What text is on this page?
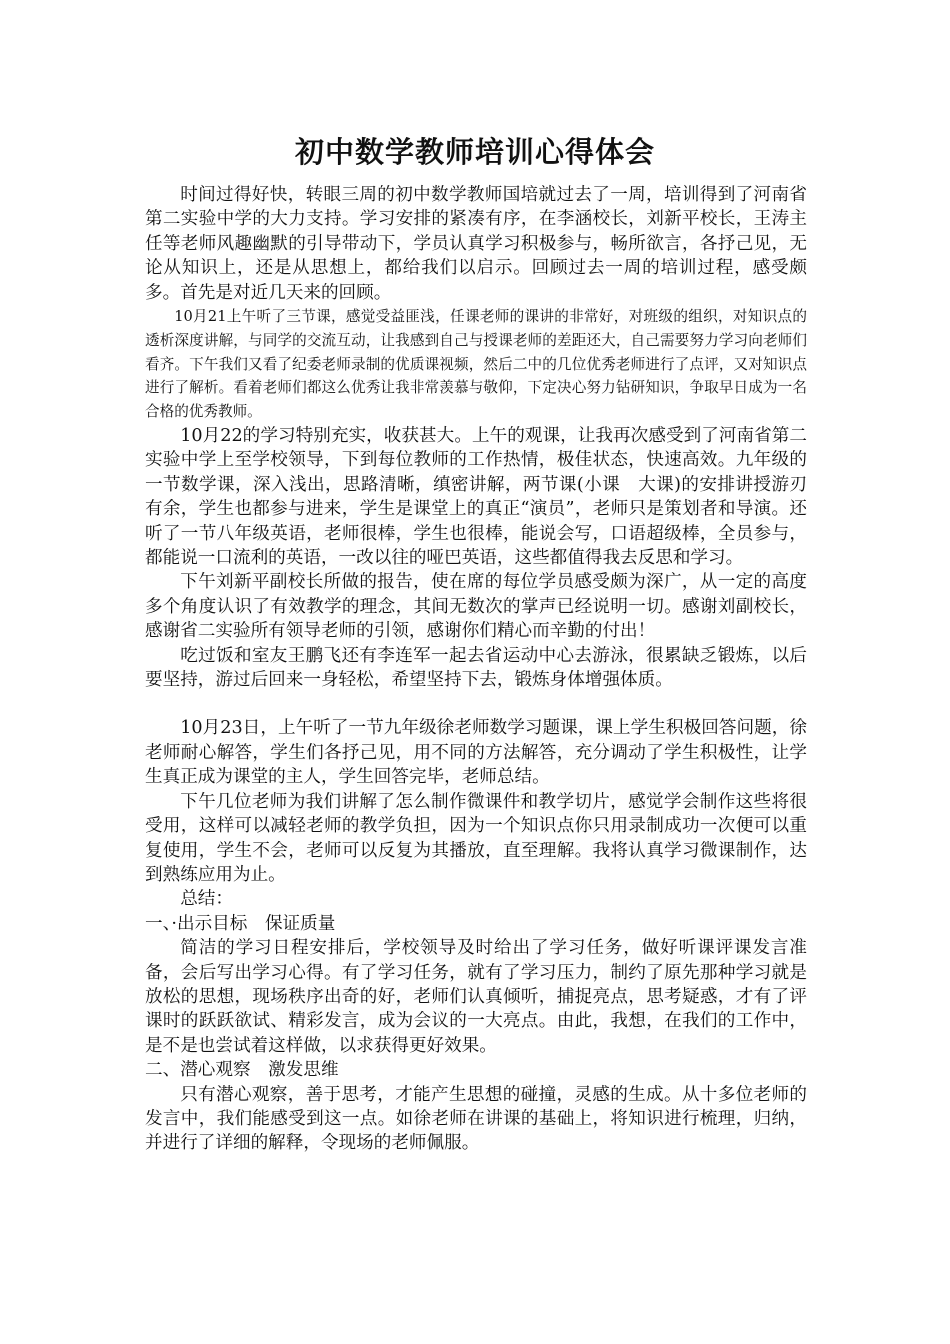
初中数学教师培训心得体会

时间过得好快，转眼三周的初中数学教师国培就过去了一周，培训得到了河南省第二实验中学的大力支持。学习安排的紧凑有序，在李涵校长，刘新平校长，王涛主任等老师风趣幽默的引导带动下，学员认真学习积极参与，畅所欲言，各抒己见，无论从知识上，还是从思想上，都给我们以启示。回顾过去一周的培训过程，感受颇多。首先是对近几天来的回顾。

10月21上午听了三节课，感觉受益匪浅，任课老师的课讲的非常好，对班级的组织，对知识点的透析深度讲解，与同学的交流互动，让我感到自己与授课老师的差距还大，自己需要努力学习向老师们看齐。下午我们又看了纪委老师录制的优质课视频，然后二中的几位优秀老师进行了点评，又对知识点进行了解析。看着老师们都这么优秀让我非常羡慕与敬仰，下定决心努力钻研知识，争取早日成为一名合格的优秀教师。

10月22的学习特别充实，收获甚大。上午的观课，让我再次感受到了河南省第二实验中学上至学校领导，下到每位教师的工作热情，极佳状态，快速高效。九年级的一节数学课，深入浅出，思路清晰，缜密讲解，两节课(小课　大课)的安排讲授游刃有余，学生也都参与进来，学生是课堂上的真正“演员”，老师只是策划者和导演。还听了一节八年级英语，老师很棒，学生也很棒，能说会写，口语超级棒，全员参与，都能说一口流利的英语，一改以往的哑巴英语，这些都值得我去反思和学习。

下午刘新平副校长所做的报告，使在席的每位学员感受颇为深广，从一定的高度多个角度认识了有效教学的理念，其间无数次的掌声已经说明一切。感谢刘副校长，感谢省二实验所有领导老师的引领，感谢你们精心而辛勤的付出！

吃过饭和室友王鹏飞还有李连军一起去省运动中心去游泳，很累缺乏锻炼，以后要坚持，游过后回来一身轻松，希望坚持下去，锻炼身体增强体质。

10月23日，上午听了一节九年级徐老师数学习题课，课上学生积极回答问题，徐老师耐心解答，学生们各抒己见，用不同的方法解答，充分调动了学生积极性，让学生真正成为课堂的主人，学生回答完毕，老师总结。

下午几位老师为我们讲解了怎么制作微课件和教学切片，感觉学会制作这些将很受用，这样可以减轻老师的教学负担，因为一个知识点你只用录制成功一次便可以重复使用，学生不会，老师可以反复为其播放，直至理解。我将认真学习微课制作，达到熟练应用为止。

总结：

一、·出示目标　保证质量

简洁的学习日程安排后，学校领导及时给出了学习任务，做好听课评课发言准备，会后写出学习心得。有了学习任务，就有了学习压力，制约了原先那种学习就是放松的思想，现场秩序出奇的好，老师们认真倾听，捕捉亮点，思考疑惑，才有了评课时的跃跃欲试、精彩发言，成为会议的一大亮点。由此，我想，在我们的工作中，是不是也尝试着这样做，以求获得更好效果。

二、潜心观察　激发思维

只有潜心观察，善于思考，才能产生思想的碰撞，灵感的生成。从十多位老师的发言中，我们能感受到这一点。如徐老师在讲课的基础上，将知识进行梳理，归纳，并进行了详细的解释，令现场的老师佩服。
